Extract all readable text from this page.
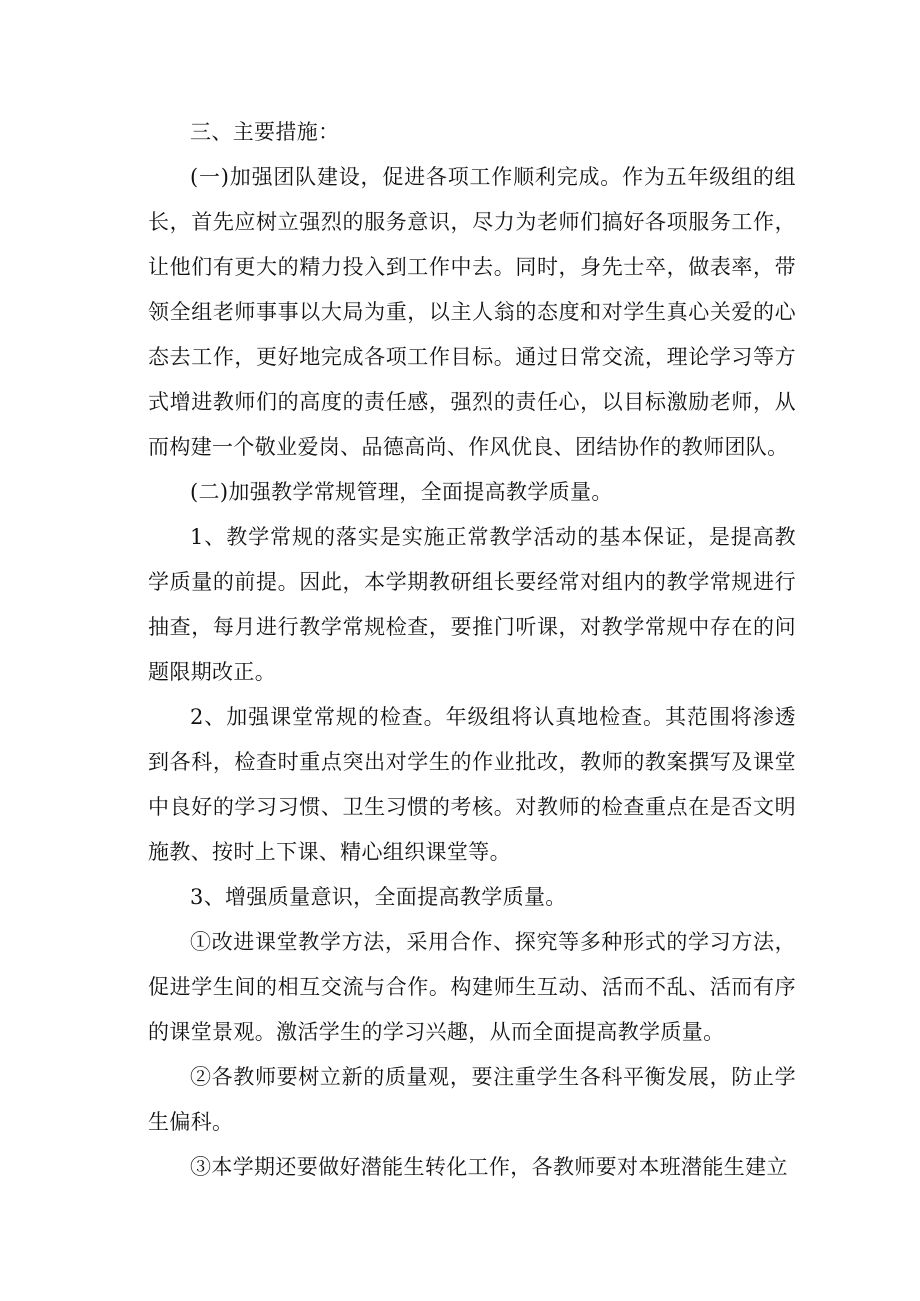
三、主要措施：

(一)加强团队建设，促进各项工作顺利完成。作为五年级组的组长，首先应树立强烈的服务意识，尽力为老师们搞好各项服务工作，让他们有更大的精力投入到工作中去。同时，身先士卒，做表率，带领全组老师事事以大局为重，以主人翁的态度和对学生真心关爱的心态去工作，更好地完成各项工作目标。通过日常交流，理论学习等方式增进教师们的高度的责任感，强烈的责任心，以目标激励老师，从而构建一个敬业爱岗、品德高尚、作风优良、团结协作的教师团队。

(二)加强教学常规管理，全面提高教学质量。

1、教学常规的落实是实施正常教学活动的基本保证，是提高教学质量的前提。因此，本学期教研组长要经常对组内的教学常规进行抽查，每月进行教学常规检查，要推门听课，对教学常规中存在的问题限期改正。

2、加强课堂常规的检查。年级组将认真地检查。其范围将渗透到各科，检查时重点突出对学生的作业批改，教师的教案撰写及课堂中良好的学习习惯、卫生习惯的考核。对教师的检查重点在是否文明施教、按时上下课、精心组织课堂等。

3、增强质量意识，全面提高教学质量。

①改进课堂教学方法，采用合作、探究等多种形式的学习方法，促进学生间的相互交流与合作。构建师生互动、活而不乱、活而有序的课堂景观。激活学生的学习兴趣，从而全面提高教学质量。

②各教师要树立新的质量观，要注重学生各科平衡发展，防止学生偏科。

③本学期还要做好潜能生转化工作，各教师要对本班潜能生建立
